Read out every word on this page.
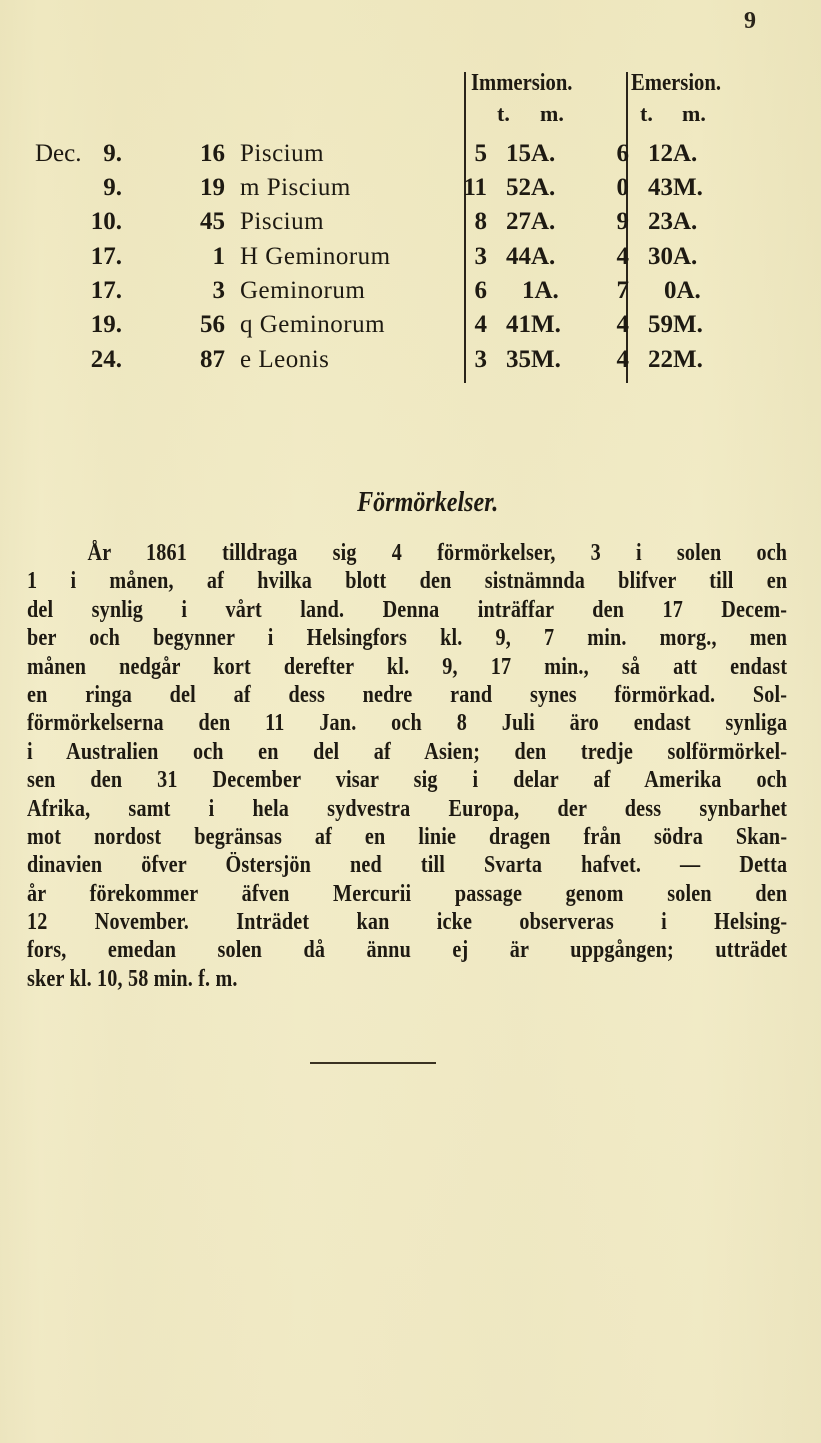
9
Immersion. Emersion.
t. m.	t. m.
Dec. 9.	16 Piscium	5 15A.	6 12A.
9.	19 m Piscium	11 52A.	0 43M.
10.	45 Piscium	8 27A.	9 23A.
17.	1 H Geminorum	3 44A.	4 30A.
17.	3 Geminorum	6 1A.	7 0A.
19.	56 q Geminorum	4 41M.	4 59M.
24.	87 e Leonis	3 35M.	4 22M.
Förmörkelser.
År 1861 tilldraga sig 4 förmörkelser, 3 i solen och
1 i månen, af hvilka blott den sistnämnda blifver till en
del synlig i vårt land. Denna inträffar den 17 Decem-
ber och begynner i Helsingfors kl. 9, 7 min. morg., men
månen nedgår kort derefter kl. 9, 17 min., så att endast
en ringa del af dess nedre rand synes förmörkad. Sol-
förmörkelserna den 11 Jan. och 8 Juli äro endast synliga
i Australien och en del af Asien; den tredje solförmörkel-
sen den 31 December visar sig i delar af Amerika och
Afrika, samt i hela sydvestra Europa, der dess synbarhet
mot nordost begränsas af en linie dragen från södra Skan-
dinavien öfver Östersjön ned till Svarta hafvet. — Detta
år förekommer äfven Mercurii passage genom solen den
12 November. Inträdet kan icke observeras i Helsing-
fors, emedan solen då ännu ej är uppgången; utträdet
sker kl. 10, 58 min. f. m.
